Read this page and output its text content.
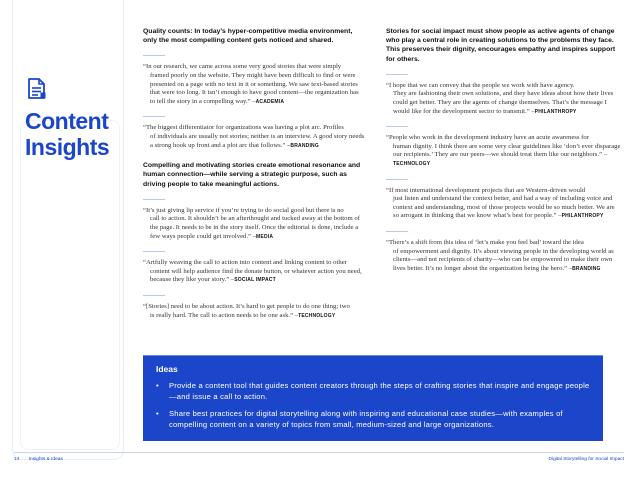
Content
Insights

Quality counts: In today’s hyper-competitive media environment, only the most compelling content gets noticed and shared.

“In our research, we came across some very good stories that were simply
framed poorly on the website. They might have been difficult to find or were presented on a page with no text in it or something. We saw text-based stories that were too long. It isn’t enough to have good content—the organization has to tell the story in a compelling way.” –ACADEMIA

“The biggest differentiator for organizations was having a plot arc. Profiles
of individuals are usually not stories; neither is an interview. A good story needs a strong hook up front and a plot arc that follows.” –BRANDING

Compelling and motivating stories create emotional resonance and human connection—while serving a strategic purpose, such as driving people to take meaningful actions.

“It’s just giving lip service if you’re trying to do social good but there is no
call to action. It shouldn’t be an afterthought and tucked away at the bottom of the page. It needs to be in the story itself. Once the editorial is done, include a few ways people could get involved.” –MEDIA

“Artfully weaving the call to action into content and linking content to other
content will help audience find the donate button, or whatever action you need, because they like your story.” –SOCIAL IMPACT

“[Stories] need to be about action. It’s hard to get people to do one thing; two
is really hard. The call to action needs to be one ask.” –TECHNOLOGY

Stories for social impact must show people as active agents of change who play a central role in creating solutions to the problems they face. This preserves their dignity, encourages empathy and inspires support for others.

“I hope that we can convey that the people we work with have agency.
They are fashioning their own solutions, and they have ideas about how their lives could get better. They are the agents of change themselves. That’s the message I would like for the development sector to transmit.” –PHILANTHROPY

“People who work in the development industry have an acute awareness for
human dignity. I think there are some very clear guidelines like ‘don’t ever disparage our recipients.’ They are our peers—we should treat them like our neighbors.” –TECHNOLOGY

“If most international development projects that are Western-driven would
just listen and understand the context better, and had a way of including voice and context and understanding, most of those projects would be so much better. We are so arrogant in thinking that we know what’s best for people.” –PHILANTHROPY

“There’s a shift from this idea of ‘let’s make you feel bad’ toward the idea
of empowerment and dignity. It’s about viewing people in the developing world as clients—and not recipients of charity—who can be empowered to make their own lives better. It’s no longer about the organization being the hero.” –BRANDING

Ideas
•	Provide a content tool that guides content creators through the steps of crafting stories that inspire and engage people—and issue a call to action.
•	Share best practices for digital storytelling along with inspiring and educational case studies—with examples of compelling content on a variety of topics from small, medium-sized and large organizations.
14 Insights & Ideas	Digital Storytelling for Social Impact
